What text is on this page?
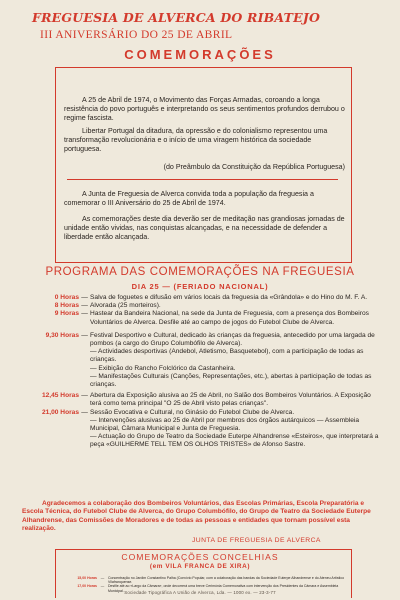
FREGUESIA DE ALVERCA DO RIBATEJO
III ANIVERSÁRIO DO 25 DE ABRIL
COMEMORAÇÕES

A 25 de Abril de 1974, o Movimento das Forças Armadas, coroando a longa resistência do povo português e interpretando os seus sentimentos profundos derrubou o regime fascista.

Libertar Portugal da ditadura, da opressão e do colonialismo representou uma transformação revolucionária e o início de uma viragem histórica da sociedade portuguesa.

(do Preâmbulo da Constituição da República Portuguesa)

A Junta de Freguesia de Alverca convida toda a população da freguesia a comemorar o III Aniversário do 25 de Abril de 1974.

As comemorações deste dia deverão ser de meditação nas grandiosas jornadas de unidade então vividas, nas conquistas alcançadas, e na necessidade de defender a liberdade então alcançada.

PROGRAMA DAS COMEMORAÇÕES NA FREGUESIA
DIA 25 — (FERIADO NACIONAL)
0 Horas — Salva de foguetes e difusão em vários locais da freguesia da «Grândola» e do Hino do M. F. A.
8 Horas — Alvorada (25 morteiros).
9 Horas — Hastear da Bandeira Nacional, na sede da Junta de Freguesia, com a presença dos Bombeiros Voluntários de Alverca. Desfile até ao campo de jogos do Futebol Clube de Alverca.
9,30 Horas — Festival Desportivo e Cultural, dedicado às crianças da freguesia, antecedido por uma largada de pombos (a cargo do Grupo Columbófilo de Alverca).
— Actividades desportivas (Andebol, Atletismo, Basquetebol), com a participação de todas as crianças.
— Exibição do Rancho Folclórico da Castanheira.
— Manifestações Culturais (Canções, Representações, etc.), abertas à participação de todas as crianças.
12,45 Horas — Abertura da Exposição alusiva ao 25 de Abril, no Salão dos Bombeiros Voluntários. A Exposição terá como tema principal "O 25 de Abril visto pelas crianças".
21,00 Horas — Sessão Evocativa e Cultural, no Ginásio do Futebol Clube de Alverca.
— Intervenções alusivas ao 25 de Abril por membros dos órgãos autárquicos — Assembleia Municipal, Câmara Municipal e Junta de Freguesia.
— Actuação do Grupo de Teatro da Sociedade Euterpe Alhandrense «Esteiros», que interpretará a peça «GUILHERME TELL TEM OS OLHOS TRISTES» de Afonso Sastre.

Agradecemos a colaboração dos Bombeiros Voluntários, das Escolas Primárias, Escola Preparatória e Escola Técnica, do Futebol Clube de Alverca, do Grupo Columbófilo, do Grupo de Teatro da Sociedade Euterpe Alhandrense, das Comissões de Moradores e de todas as pessoas e entidades que tornam possível esta realização.

JUNTA DE FREGUESIA DE ALVERCA
COMEMORAÇÕES CONCELHIAS
(em VILA FRANCA DE XIRA)
15,00 Horas	—	Concentração no Jardim Constantino Palha (Convívio Popular, com a colaboração das bandas da Sociedade Euterpe Alhandrense e do Ateneu Artístico Vilafranquense.
17,00 Horas	—	Desfile até ao «Largo da Câmara», onde decorrerá uma breve Cerimónia Comemorativa com intervenção dos Presidentes da Câmara e Assembleia Municipal. Sociedade Tipográfica A União de Alverca, Lda. — 1000 ex. — 23-3-77
